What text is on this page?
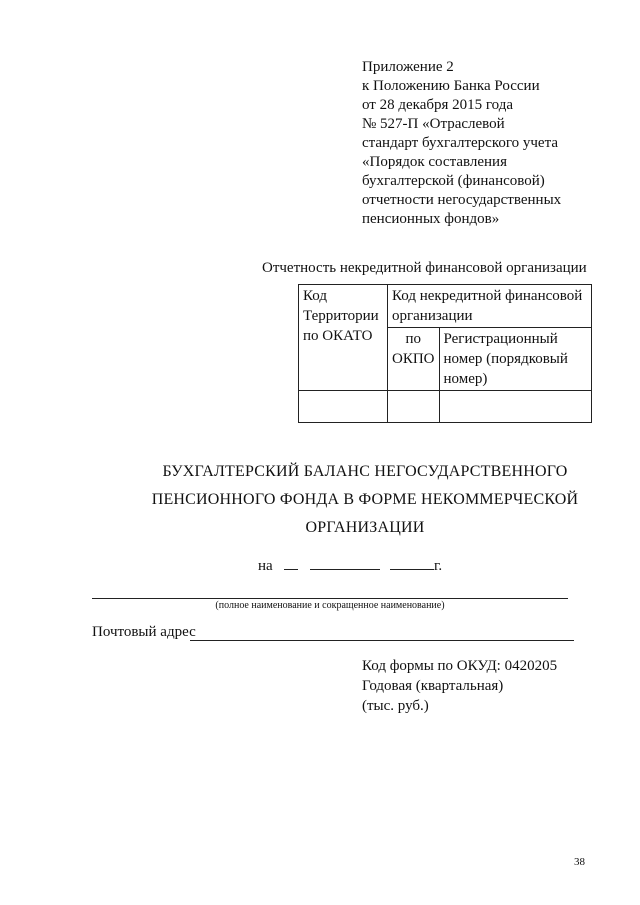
Приложение 2
к Положению Банка России
от 28 декабря 2015 года
№ 527-П «Отраслевой
стандарт бухгалтерского учета
«Порядок составления
бухгалтерской (финансовой)
отчетности негосударственных
пенсионных фондов»
Отчетность некредитной финансовой организации
Код Территории по ОКАТО	Код некредитной финансовой организации	
	по ОКПО	Регистрационный номер (порядковый номер)

БУХГАЛТЕРСКИЙ БАЛАНС НЕГОСУДАРСТВЕННОГО
ПЕНСИОННОГО ФОНДА В ФОРМЕ НЕКОММЕРЧЕСКОЙ
ОРГАНИЗАЦИИ
на	г.
(полное наименование и сокращенное наименование)
Почтовый адрес
Код формы по ОКУД: 0420205
Годовая (квартальная)
(тыс. руб.)
38
